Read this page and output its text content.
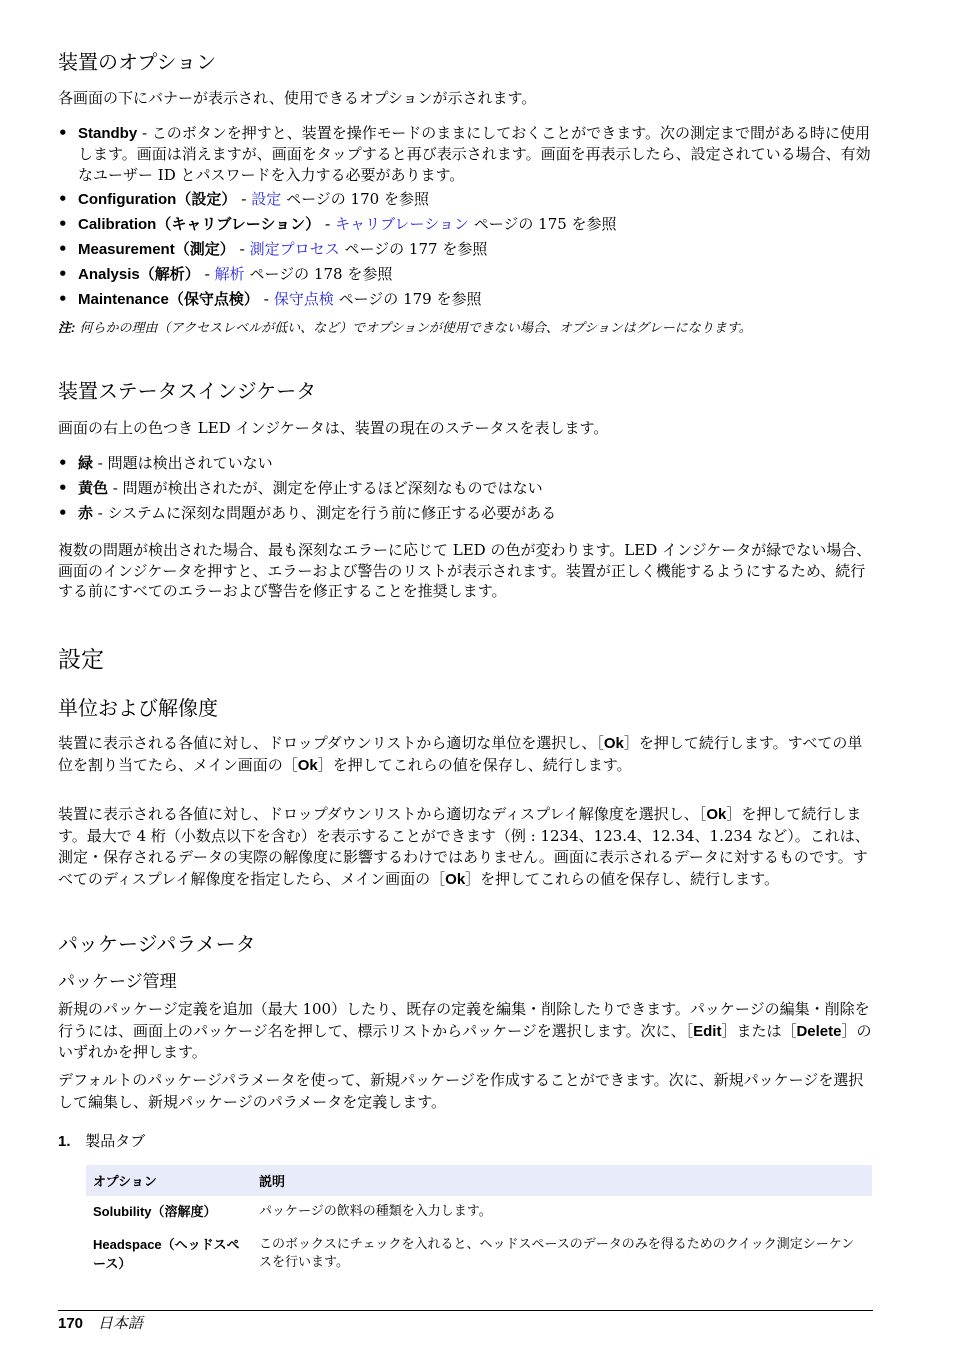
装置のオプション

各画面の下にバナーが表示され、使用できるオプションが示されます。

• Standby - このボタンを押すと、装置を操作モードのままにしておくことができます。次の測定まで間がある時に使用します。画面は消えますが、画面をタップすると再び表示されます。画面を再表示したら、設定されている場合、有効なユーザー ID とパスワードを入力する必要があります。
• Configuration（設定） - 設定 ページの 170 を参照
• Calibration（キャリブレーション） - キャリブレーション ページの 175 を参照
• Measurement（測定） - 測定プロセス ページの 177 を参照
• Analysis（解析） - 解析 ページの 178 を参照
• Maintenance（保守点検） - 保守点検 ページの 179 を参照

注: 何らかの理由（アクセスレベルが低い、など）でオプションが使用できない場合、オプションはグレーになります。

装置ステータスインジケータ

画面の右上の色つき LED インジケータは、装置の現在のステータスを表します。

• 緑 - 問題は検出されていない
• 黄色 - 問題が検出されたが、測定を停止するほど深刻なものではない
• 赤 - システムに深刻な問題があり、測定を行う前に修正する必要がある

複数の問題が検出された場合、最も深刻なエラーに応じて LED の色が変わります。LED インジケータが緑でない場合、画面のインジケータを押すと、エラーおよび警告のリストが表示されます。装置が正しく機能するようにするため、続行する前にすべてのエラーおよび警告を修正することを推奨します。

設定
単位および解像度

装置に表示される各値に対し、ドロップダウンリストから適切な単位を選択し、［Ok］を押して続行します。すべての単位を割り当てたら、メイン画面の［Ok］を押してこれらの値を保存し、続行します。

装置に表示される各値に対し、ドロップダウンリストから適切なディスプレイ解像度を選択し、［Ok］を押して続行します。最大で 4 桁（小数点以下を含む）を表示することができます（例 : 1234、123.4、12.34、1.234 など）。これは、測定・保存されるデータの実際の解像度に影響するわけではありません。画面に表示されるデータに対するものです。すべてのディスプレイ解像度を指定したら、メイン画面の［Ok］を押してこれらの値を保存し、続行します。

パッケージパラメータ
パッケージ管理

新規のパッケージ定義を追加（最大 100）したり、既存の定義を編集・削除したりできます。パッケージの編集・削除を行うには、画面上のパッケージ名を押して、標示リストからパッケージを選択します。次に、［Edit］または［Delete］のいずれかを押します。

デフォルトのパッケージパラメータを使って、新規パッケージを作成することができます。次に、新規パッケージを選択して編集し、新規パッケージのパラメータを定義します。

1. 製品タブ
オプション	説明
Solubility（溶解度）	パッケージの飲料の種類を入力します。
Headspace（ヘッドスペース）	このボックスにチェックを入れると、ヘッドスペースのデータのみを得るためのクイック測定シーケンスを行います。
170 日本語
